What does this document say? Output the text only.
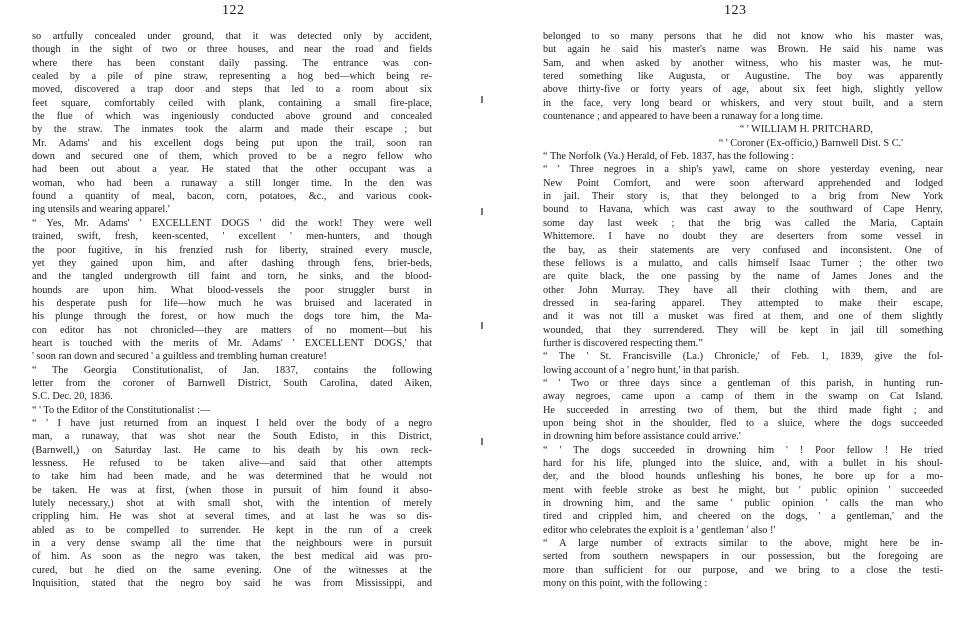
122
so artfully concealed under ground, that it was detected only by accident,
though in the sight of two or three houses, and near the road and fields
where there has been constant daily passing. The entrance was con-
cealed by a pile of pine straw, representing a hog bed—which being re-
moved, discovered a trap door and steps that led to a room about six
feet square, comfortably ceiled with plank, containing a small fire-place,
the flue of which was ingeniously conducted above ground and concealed
by the straw. The inmates took the alarm and made their escape ; but
Mr. Adams' and his excellent dogs being put upon the trail, soon ran
down and secured one of them, which proved to be a negro fellow who
had been out about a year. He stated that the other occupant was a
woman, who had been a runaway a still longer time. In the den was
found a quantity of meal, bacon, corn, potatoes, &c., and various cook-
ing utensils and wearing apparel.'
“ Yes, Mr. Adams' ' EXCELLENT DOGS ' did the work! They were well
trained, swift, fresh, keen-scented, ' excellent ' men-hunters, and though
the poor fugitive, in his frenzied rush for liberty, strained every muscle,
yet they gained upon him, and after dashing through fens, brier-beds,
and the tangled undergrowth till faint and torn, he sinks, and the blood-
hounds are upon him. What blood-vessels the poor struggler burst in
his desperate push for life—how much he was bruised and lacerated in
his plunge through the forest, or how much the dogs tore him, the Ma-
con editor has not chronicled—they are matters of no moment—but his
heart is touched with the merits of Mr. Adams' ' EXCELLENT DOGS,' that
' soon ran down and secured ' a guiltless and trembling human creature!
“ The Georgia Constitutionalist, of Jan. 1837, contains the following
letter from the coroner of Barnwell District, South Carolina, dated Aiken,
S.C. Dec. 20, 1836.
“ ' To the Editor of the Constitutionalist :—
“ ' I have just returned from an inquest I held over the body of a negro
man, a runaway, that was shot near the South Edisto, in this District,
(Barnwell,) on Saturday last. He came to his death by his own reck-
lessness. He refused to be taken alive—and said that other attempts
to take him had been made, and he was determined that he would not
be taken. He was at first, (when those in pursuit of him found it abso-
lutely necessary,) shot at with small shot, with the intention of merely
crippling him. He was shot at several times, and at last he was so dis-
abled as to be compelled to surrender. He kept in the run of a creek
in a very dense swamp all the time that the neighbours were in pursuit
of him. As soon as the negro was taken, the best medical aid was pro-
cured, but he died on the same evening. One of the witnesses at the
Inquisition, stated that the negro boy said he was from Mississippi, and
123
belonged to so many persons that he did not know who his master was,
but again he said his master's name was Brown. He said his name was
Sam, and when asked by another witness, who his master was, he mut-
tered something like Augusta, or Augustine. The boy was apparently
above thirty-five or forty years of age, about six feet high, slightly yellow
in the face, very long beard or whiskers, and very stout built, and a stern
countenance ; and appeared to have been a runaway for a long time.
“ ' WILLIAM H. PRITCHARD,
“ ' Coroner (Ex-officio,) Barnwell Dist. S C.'
“ The Norfolk (Va.) Herald, of Feb. 1837, has the following :
“ ' Three negroes in a ship's yawl, came on shore yesterday evening, near
New Point Comfort, and were soon afterward apprehended and lodged
in jail. Their story is, that they belonged to a brig from New York
bound to Havana, which was cast away to the southward of Cape Henry,
some day last week ; that the brig was called the Maria, Captain
Whittemore. I have no doubt they are deserters from some vessel in
the bay, as their statements are very confused and inconsistent. One of
these fellows is a mulatto, and calls himself Isaac Turner ; the other two
are quite black, the one passing by the name of James Jones and the
other John Murray. They have all their clothing with them, and are
dressed in sea-faring apparel. They attempted to make their escape,
and it was not till a musket was fired at them, and one of them slightly
wounded, that they surrendered. They will be kept in jail till something
further is discovered respecting them.”
“ The ' St. Francisville (La.) Chronicle,' of Feb. 1, 1839, give the fol-
lowing account of a ' negro hunt,' in that parish.
“ ' Two or three days since a gentleman of this parish, in hunting run-
away negroes, came upon a camp of them in the swamp on Cat Island.
He succeeded in arresting two of them, but the third made fight ; and
upon being shot in the shoulder, fled to a sluice, where the dogs succeeded
in drowning him before assistance could arrive.'
“ ' The dogs succeeded in drowning him ' ! Poor fellow ! He tried
hard for his life, plunged into the sluice, and, with a bullet in his shoul-
der, and the blood hounds unfleshing his bones, he bore up for a mo-
ment with feeble stroke as best he might, but ' public opinion ' succeeded
in drowning him, and the same ' public opinion ' calls the man who
tired and crippled him, and cheered on the dogs, ' a gentleman,' and the
editor who celebrates the exploit is a ' gentleman ' also !'
“ A large number of extracts similar to the above, might here be in-
serted from southern newspapers in our possession, but the foregoing are
more than sufficient for our purpose, and we bring to a close the testi-
mony on this point, with the following :
